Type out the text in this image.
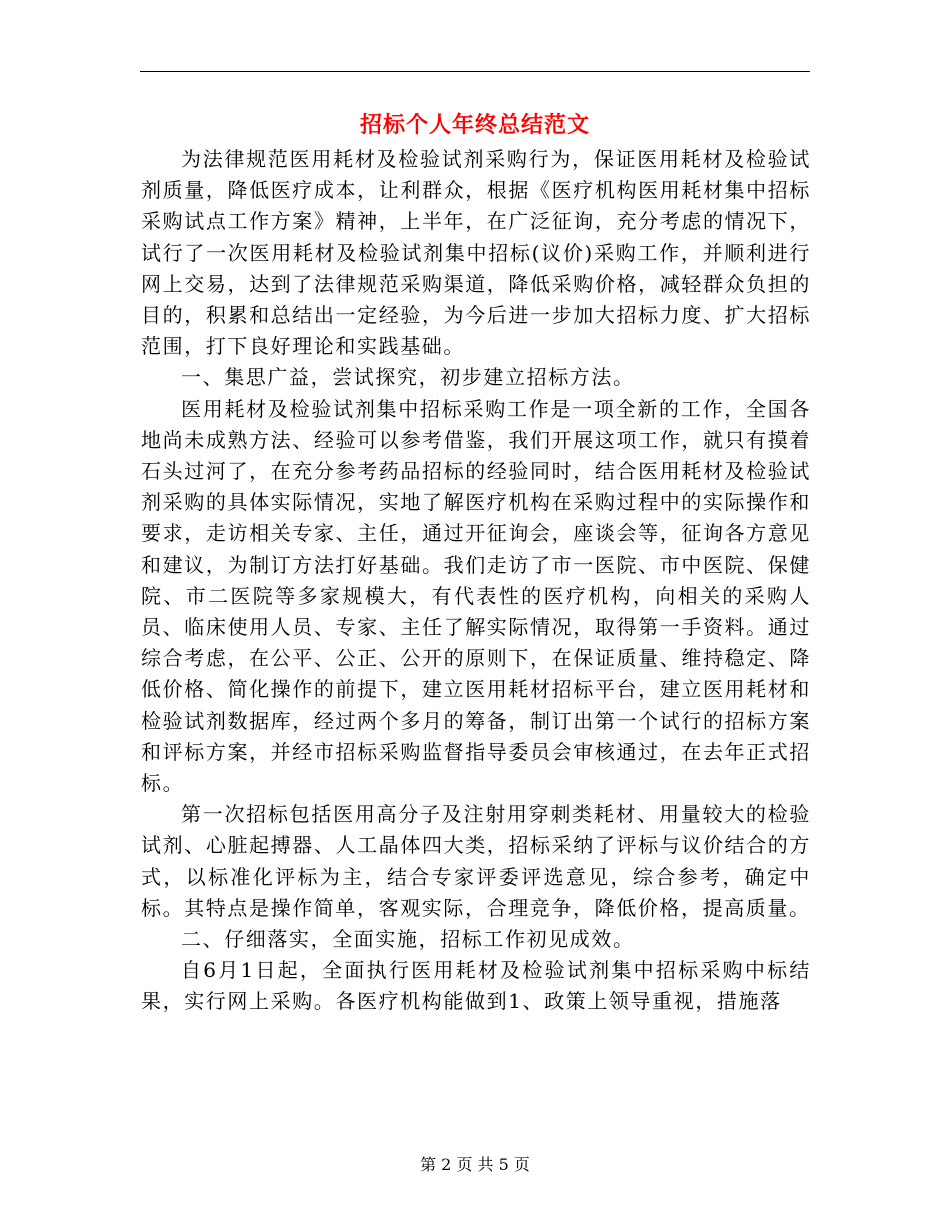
招标个人年终总结范文

为法律规范医用耗材及检验试剂采购行为，保证医用耗材及检验试剂质量，降低医疗成本，让利群众，根据《医疗机构医用耗材集中招标采购试点工作方案》精神，上半年，在广泛征询，充分考虑的情况下，试行了一次医用耗材及检验试剂集中招标(议价)采购工作，并顺利进行网上交易，达到了法律规范采购渠道，降低采购价格，减轻群众负担的目的，积累和总结出一定经验，为今后进一步加大招标力度、扩大招标范围，打下良好理论和实践基础。

一、集思广益，尝试探究，初步建立招标方法。

医用耗材及检验试剂集中招标采购工作是一项全新的工作，全国各地尚未成熟方法、经验可以参考借鉴，我们开展这项工作，就只有摸着石头过河了，在充分参考药品招标的经验同时，结合医用耗材及检验试剂采购的具体实际情况，实地了解医疗机构在采购过程中的实际操作和要求，走访相关专家、主任，通过开征询会，座谈会等，征询各方意见和建议，为制订方法打好基础。我们走访了市一医院、市中医院、保健院、市二医院等多家规模大，有代表性的医疗机构，向相关的采购人员、临床使用人员、专家、主任了解实际情况，取得第一手资料。通过综合考虑，在公平、公正、公开的原则下，在保证质量、维持稳定、降低价格、简化操作的前提下，建立医用耗材招标平台，建立医用耗材和检验试剂数据库，经过两个多月的筹备，制订出第一个试行的招标方案和评标方案，并经市招标采购监督指导委员会审核通过，在去年正式招标。

第一次招标包括医用高分子及注射用穿刺类耗材、用量较大的检验试剂、心脏起搏器、人工晶体四大类，招标采纳了评标与议价结合的方式，以标准化评标为主，结合专家评委评选意见，综合参考，确定中标。其特点是操作简单，客观实际，合理竞争，降低价格，提高质量。

二、仔细落实，全面实施，招标工作初见成效。

自6月1日起，全面执行医用耗材及检验试剂集中招标采购中标结果，实行网上采购。各医疗机构能做到1、政策上领导重视，措施落

第 2 页 共 5 页
